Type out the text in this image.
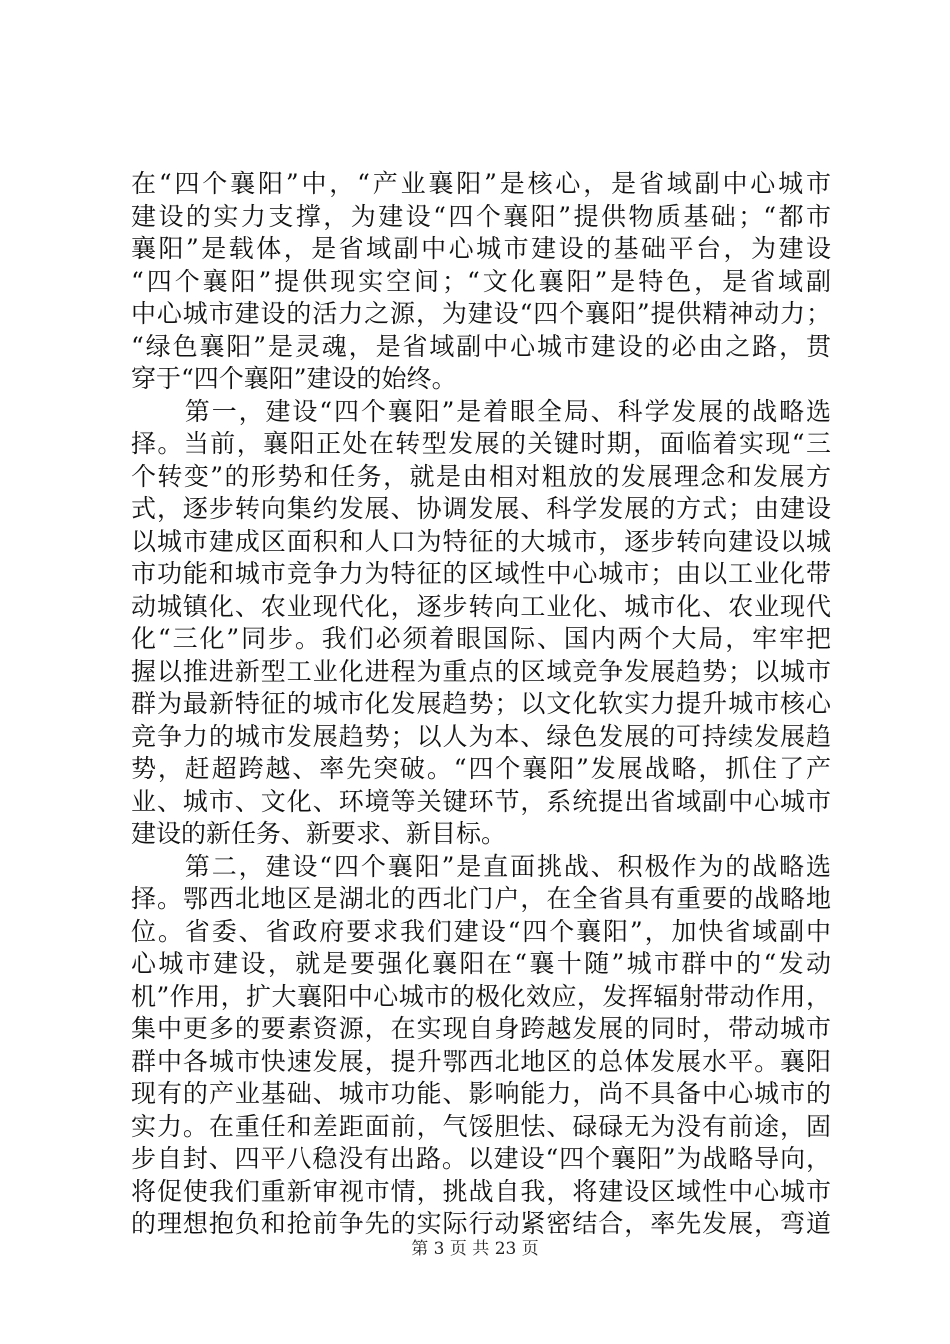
在“四个襄阳”中，“产业襄阳”是核心，是省域副中心城市
建设的实力支撑，为建设“四个襄阳”提供物质基础；“都市
襄阳”是载体，是省域副中心城市建设的基础平台，为建设
“四个襄阳”提供现实空间；“文化襄阳”是特色，是省域副
中心城市建设的活力之源，为建设“四个襄阳”提供精神动力；
“绿色襄阳”是灵魂，是省域副中心城市建设的必由之路，贯
穿于“四个襄阳”建设的始终。
　　第一，建设“四个襄阳”是着眼全局、科学发展的战略选
择。当前，襄阳正处在转型发展的关键时期，面临着实现“三
个转变”的形势和任务，就是由相对粗放的发展理念和发展方
式，逐步转向集约发展、协调发展、科学发展的方式；由建设
以城市建成区面积和人口为特征的大城市，逐步转向建设以城
市功能和城市竞争力为特征的区域性中心城市；由以工业化带
动城镇化、农业现代化，逐步转向工业化、城市化、农业现代
化“三化”同步。我们必须着眼国际、国内两个大局，牢牢把
握以推进新型工业化进程为重点的区域竞争发展趋势；以城市
群为最新特征的城市化发展趋势；以文化软实力提升城市核心
竞争力的城市发展趋势；以人为本、绿色发展的可持续发展趋
势，赶超跨越、率先突破。“四个襄阳”发展战略，抓住了产
业、城市、文化、环境等关键环节，系统提出省域副中心城市
建设的新任务、新要求、新目标。
　　第二，建设“四个襄阳”是直面挑战、积极作为的战略选
择。鄂西北地区是湖北的西北门户，在全省具有重要的战略地
位。省委、省政府要求我们建设“四个襄阳”，加快省域副中
心城市建设，就是要强化襄阳在“襄十随”城市群中的“发动
机”作用，扩大襄阳中心城市的极化效应，发挥辐射带动作用，
集中更多的要素资源，在实现自身跨越发展的同时，带动城市
群中各城市快速发展，提升鄂西北地区的总体发展水平。襄阳
现有的产业基础、城市功能、影响能力，尚不具备中心城市的
实力。在重任和差距面前，气馁胆怯、碌碌无为没有前途，固
步自封、四平八稳没有出路。以建设“四个襄阳”为战略导向，
将促使我们重新审视市情，挑战自我，将建设区域性中心城市
的理想抱负和抢前争先的实际行动紧密结合，率先发展，弯道
第 3 页 共 23 页
